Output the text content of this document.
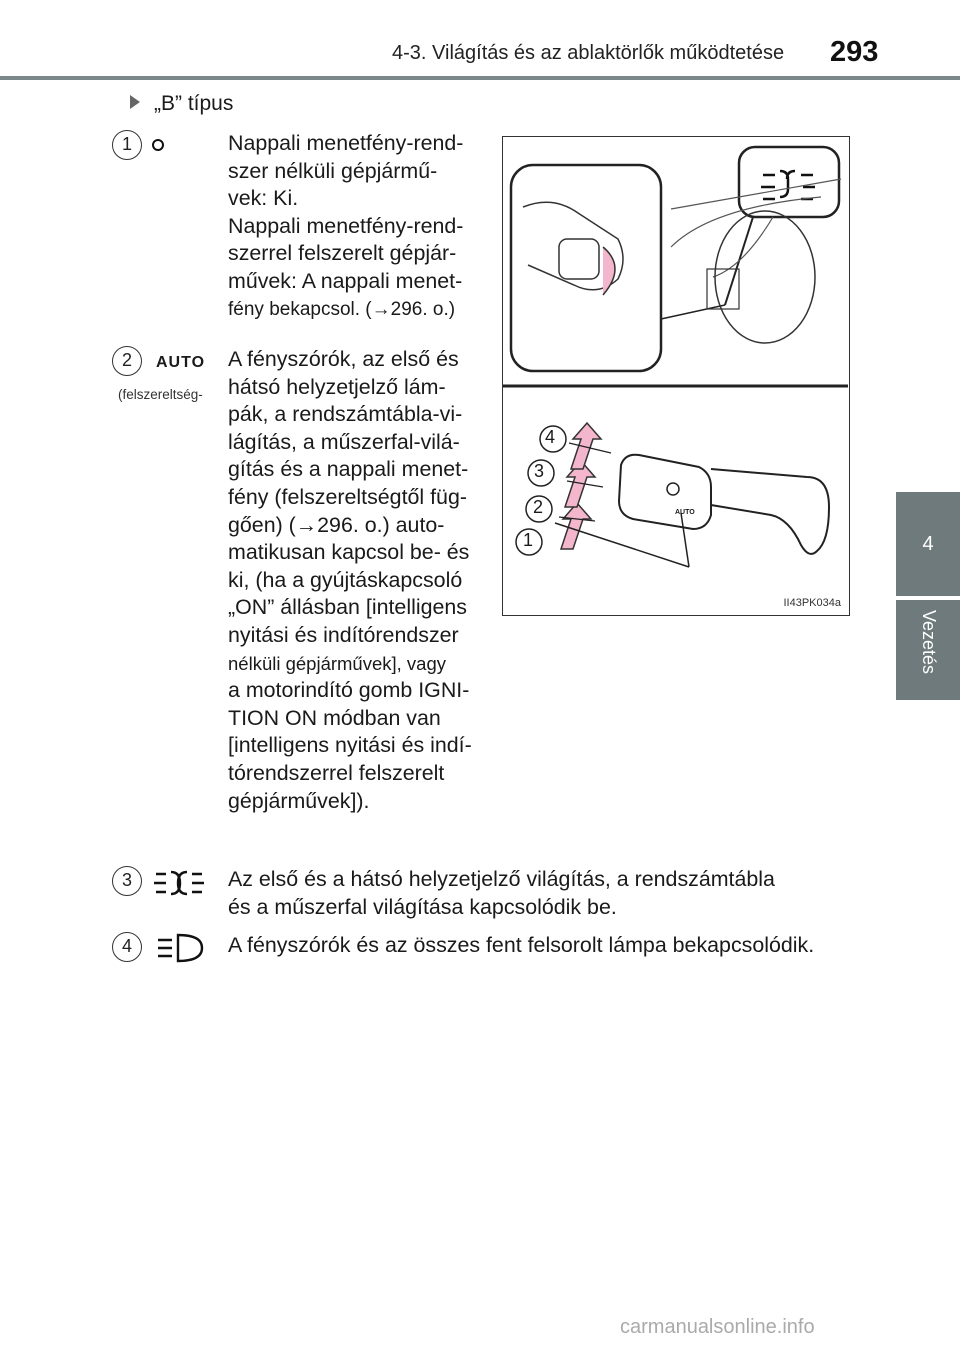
4-3. Világítás és az ablaktörlők működtetése 293
4
Vezetés
„B” típus
1	Nappali menetfény-rend-

szer nélküli gépjármű-

vek: Ki.

Nappali menetfény-rend-

szerrel felszerelt gépjár-

művek: A nappali menet-

fény bekapcsol. (→296. o.)

2	AUTO
(felszereltség-

A fényszórók, az első és

hátsó helyzetjelző lám-

pák, a rendszámtábla-vi-

lágítás, a műszerfal-vilá-

gítás és a nappali menet-

fény (felszereltségtől füg-

gően) (→296. o.) auto-

matikusan kapcsol be- és

ki, (ha a gyújtáskapcsoló

„ON” állásban [intelligens

nyitási és indítórendszer

nélküli gépjárművek], vagy

a motorindító gomb IGNI-

TION ON módban van

[intelligens nyitási és indí-

tórendszerrel felszerelt

gépjárművek]).

4
3
2
1
AUTO
II43PK034a
3	Az első és a hátsó helyzetjelző világítás, a rendszámtábla

és a műszerfal világítása kapcsolódik be.

4	A fényszórók és az összes fent felsorolt lámpa bekapcsolódik.

carmanualsonline.info
